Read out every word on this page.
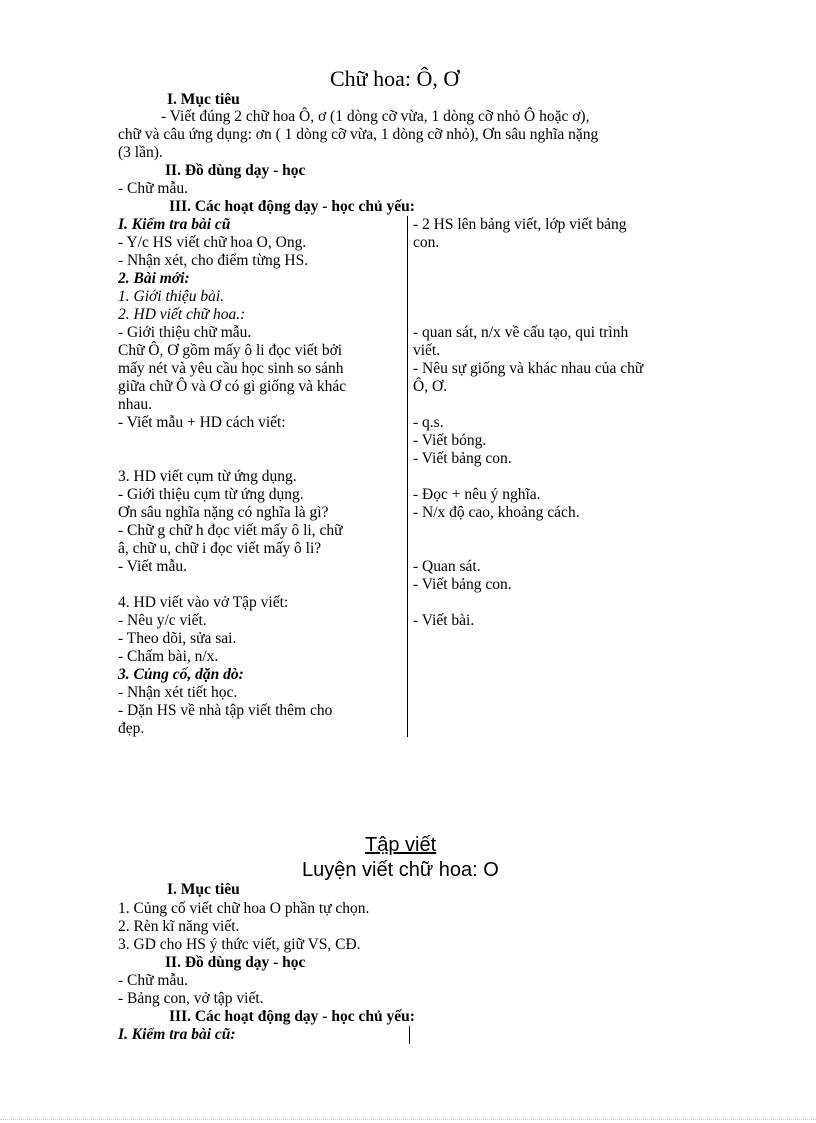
Chữ hoa: Ô, Ơ
I. Mục tiêu
- Viết đúng 2 chữ hoa Ô, ơ (1 dòng cỡ vừa, 1 dòng cỡ nhỏ Ô hoặc ơ),
chữ và câu ứng dụng: ơn ( 1 dòng cỡ vừa, 1 dòng cỡ nhỏ), Ơn sâu nghĩa nặng
(3 lần).
II. Đồ dùng dạy - học
- Chữ mẫu.
III. Các hoạt động dạy - học chủ yếu:
I. Kiểm tra bài cũ
- Y/c HS viết chữ hoa O, Ong.
- Nhận xét, cho điểm từng HS.
2. Bài mới:
1. Giới thiệu bài.
2. HD viết chữ hoa.:
- Giới thiệu chữ mẫu.
Chữ Ô, Ơ gồm mấy ô li đọc viết bởi
mấy nét và yêu cầu học sinh so sánh
giữa chữ Ô và Ơ có gì giống và khác
nhau.
- Viết mẫu + HD cách viết:
3. HD viết cụm từ ứng dụng.
- Giới thiệu cụm từ ứng dụng.
Ơn sâu nghĩa nặng có nghĩa là gì?
- Chữ g chữ h đọc viết mấy ô li, chữ
â, chữ u, chữ i đọc viết mấy ô li?
- Viết mẫu.
4. HD viết vào vở Tập viết:
- Nêu y/c viết.
- Theo dõi, sửa sai.
- Chấm bài, n/x.
3. Củng cố, dặn dò:
- Nhận xét tiết học.
- Dặn HS về nhà tập viết thêm cho
đẹp.
- 2 HS lên bảng viết, lớp viết bảng
con.
- quan sát, n/x về cấu tạo, qui trình
viết.
- Nêu sự giống và khác nhau của chữ
Ô, Ơ.
- q.s.
- Viết bóng.
- Viết bảng con.
- Đọc + nêu ý nghĩa.
- N/x độ cao, khoảng cách.
- Quan sát.
- Viết bảng con.
- Viết bài.
Tập viết
Luyện viết chữ hoa: O
I. Mục tiêu
1. Củng cố viết chữ hoa O phần tự chọn.
2. Rèn kĩ năng viết.
3. GD cho HS ý thức viết, giữ VS, CĐ.
II. Đồ dùng dạy - học
- Chữ mẫu.
- Bảng con, vở tập viết.
III. Các hoạt động dạy - học chủ yếu:
I. Kiểm tra bài cũ:
